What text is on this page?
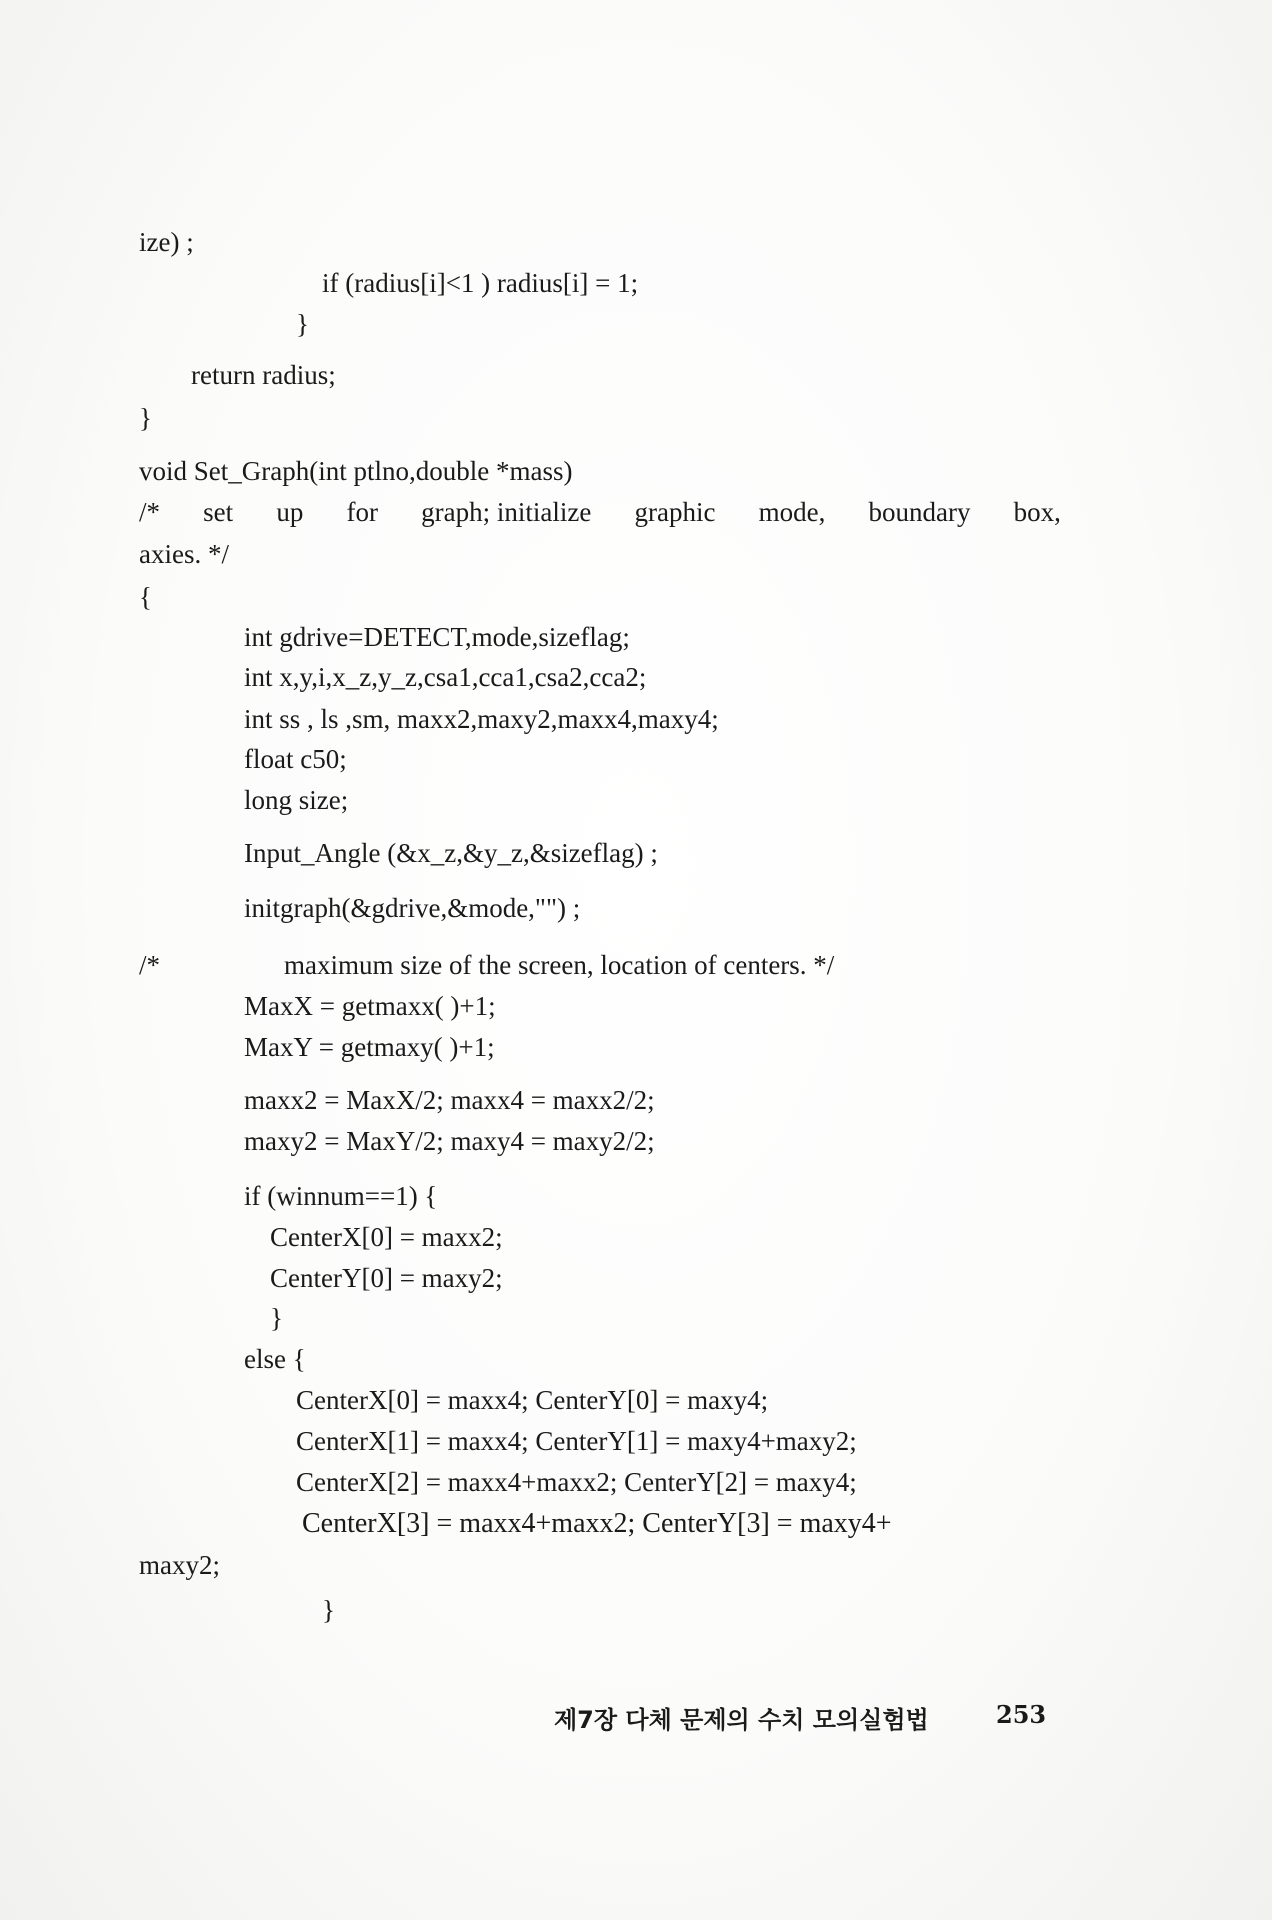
ize) ;
if (radius[i]<1 ) radius[i] = 1;
}
return radius;
}
void Set_Graph(int ptlno,double *mass)
/* set up for graph; initialize graphic mode, boundary box,
axies. */
{
int gdrive=DETECT,mode,sizeflag;
int x,y,i,x_z,y_z,csa1,cca1,csa2,cca2;
int ss , ls ,sm, maxx2,maxy2,maxx4,maxy4;
float c50;
long size;
Input_Angle (&x_z,&y_z,&sizeflag) ;
initgraph(&gdrive,&mode,"") ;
/*	maximum size of the screen, location of centers. */
MaxX = getmaxx( )+1;
MaxY = getmaxy( )+1;
maxx2 = MaxX/2; maxx4 = maxx2/2;
maxy2 = MaxY/2; maxy4 = maxy2/2;
if (winnum==1) {
CenterX[0] = maxx2;
CenterY[0] = maxy2;
}
else {
CenterX[0] = maxx4; CenterY[0] = maxy4;
CenterX[1] = maxx4; CenterY[1] = maxy4+maxy2;
CenterX[2] = maxx4+maxx2; CenterY[2] = maxy4;
CenterX[3] = maxx4+maxx2; CenterY[3] = maxy4+
maxy2;
}
제7장 다체 문제의 수치 모의실험법	253
